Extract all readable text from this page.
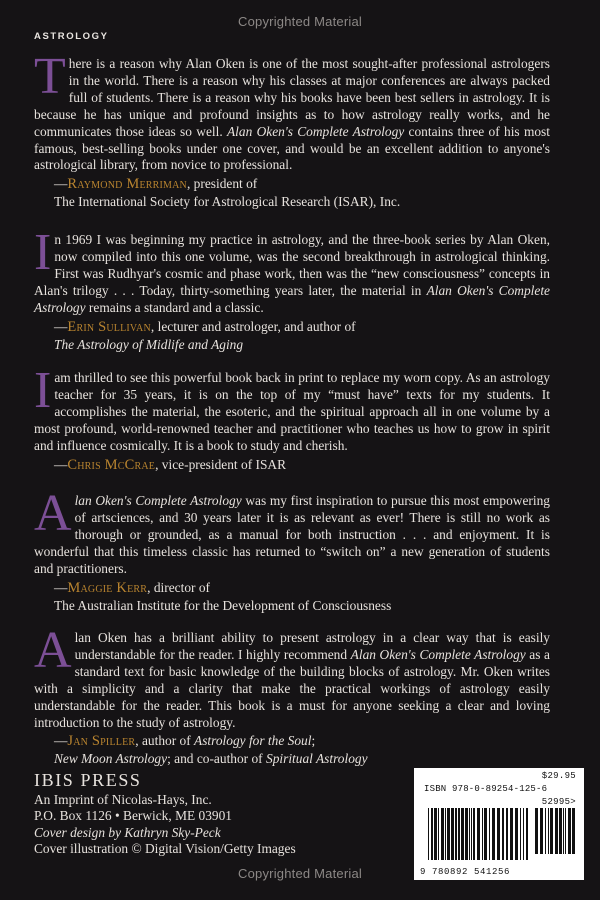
Copyrighted Material
ASTROLOGY

There is a reason why Alan Oken is one of the most sought-after professional astrologers in the world. There is a reason why his classes at major conferences are always packed full of students. There is a reason why his books have been best sellers in astrology. It is because he has unique and profound insights as to how astrology really works, and he communicates those ideas so well. Alan Oken's Complete Astrology contains three of his most famous, best-selling books under one cover, and would be an excellent addition to anyone's astrological library, from novice to professional.

—Raymond Merriman, president of
The International Society for Astrological Research (ISAR), Inc.

In 1969 I was beginning my practice in astrology, and the three-book series by Alan Oken, now compiled into this one volume, was the second breakthrough in astrological thinking. First was Rudhyar's cosmic and phase work, then was the “new consciousness” concepts in Alan's trilogy . . . Today, thirty-something years later, the material in Alan Oken's Complete Astrology remains a standard and a classic.

—Erin Sullivan, lecturer and astrologer, and author of
The Astrology of Midlife and Aging

Iam thrilled to see this powerful book back in print to replace my worn copy. As an astrology teacher for 35 years, it is on the top of my “must have” texts for my students. It accomplishes the material, the esoteric, and the spiritual approach all in one volume by a most profound, world-renowned teacher and practitioner who teaches us how to grow in spirit and influence cosmically. It is a book to study and cherish.

—Chris McCrae, vice-president of ISAR

Alan Oken's Complete Astrology was my first inspiration to pursue this most empowering of artsciences, and 30 years later it is as relevant as ever! There is still no work as thorough or grounded, as a manual for both instruction . . . and enjoyment. It is wonderful that this timeless classic has returned to “switch on” a new generation of students and practitioners.

—Maggie Kerr, director of
The Australian Institute for the Development of Consciousness

Alan Oken has a brilliant ability to present astrology in a clear way that is easily understandable for the reader. I highly recommend Alan Oken's Complete Astrology as a standard text for basic knowledge of the building blocks of astrology. Mr. Oken writes with a simplicity and a clarity that make the practical workings of astrology easily understandable for the reader. This book is a must for anyone seeking a clear and loving introduction to the study of astrology.

—Jan Spiller, author of Astrology for the Soul;
New Moon Astrology; and co-author of Spiritual Astrology
IBIS PRESS
An Imprint of Nicolas-Hays, Inc.
P.O. Box 1126 • Berwick, ME 03901
Cover design by Kathryn Sky-Peck
Cover illustration © Digital Vision/Getty Images
$29.95
ISBN 978-0-89254-125-6
52995>
9 780892 541256
Copyrighted Material
